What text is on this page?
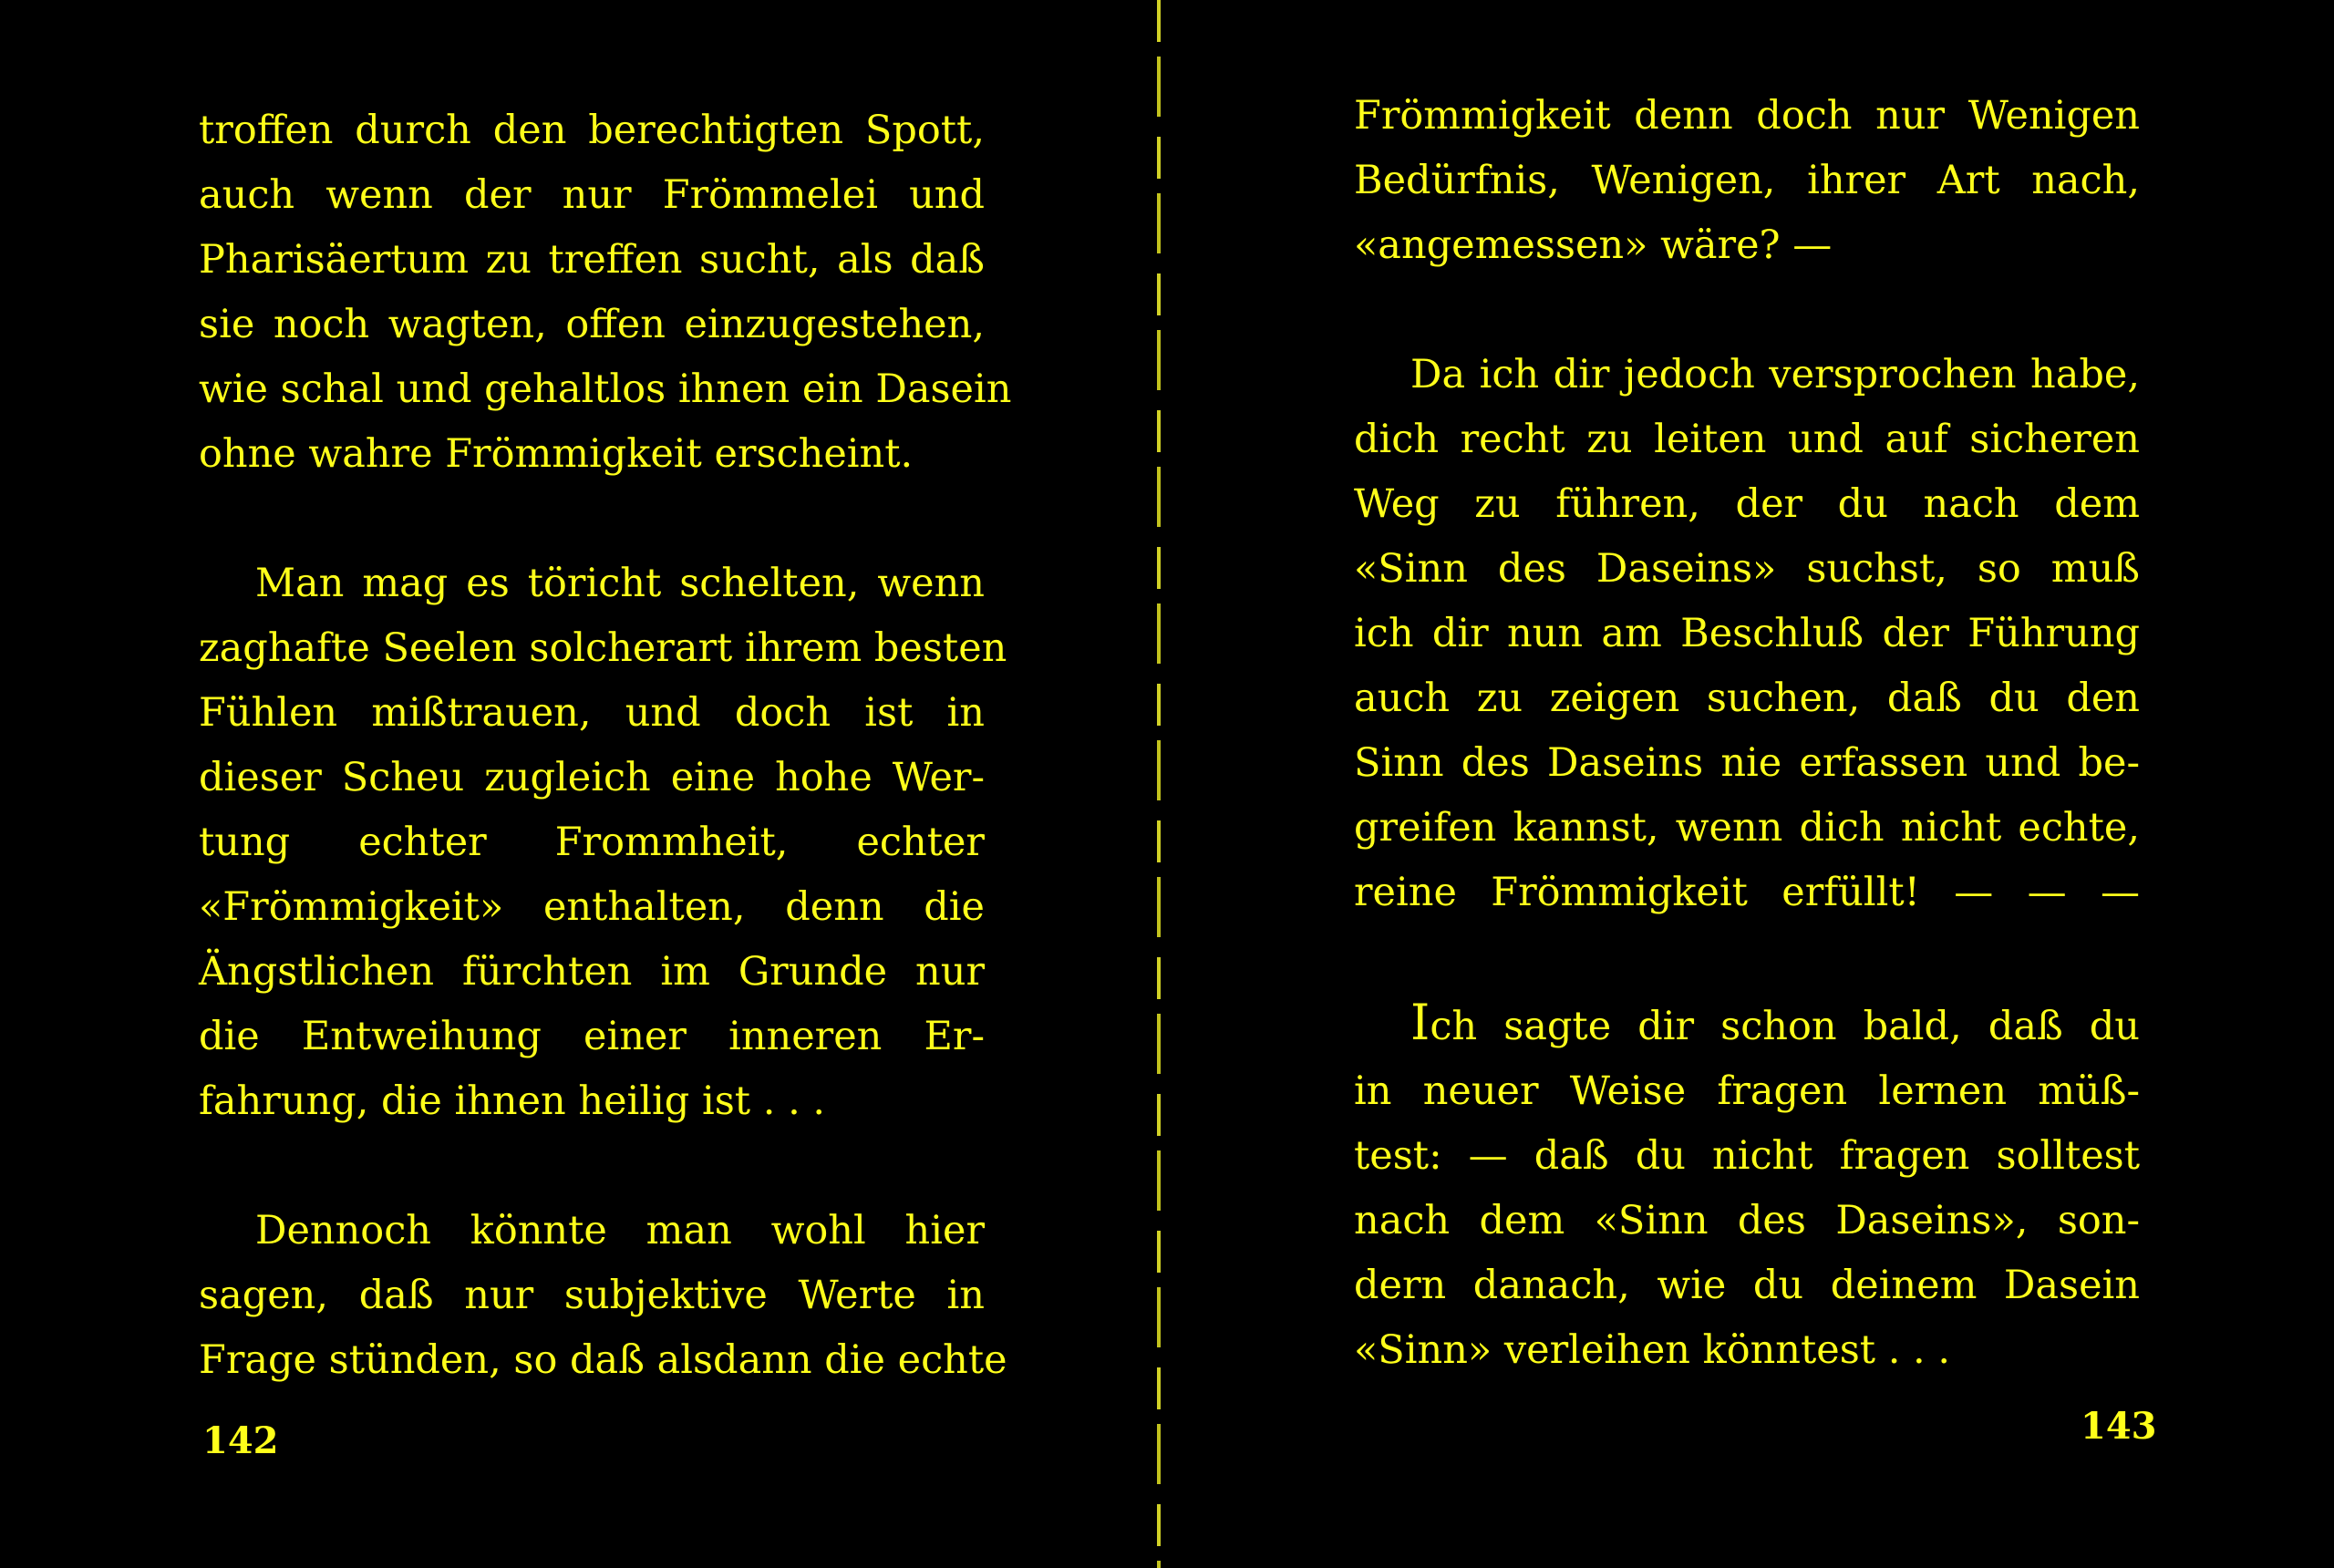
troffen durch den berechtigten Spott,
auch wenn der nur Frömmelei und
Pharisäertum zu treffen sucht, als daß
sie noch wagten, offen einzugestehen,
wie schal und gehaltlos ihnen ein Dasein
ohne wahre Frömmigkeit erscheint.

Man mag es töricht schelten, wenn
zaghafte Seelen solcherart ihrem besten
Fühlen mißtrauen, und doch ist in
dieser Scheu zugleich eine hohe Wer-
tung echter Frommheit, echter
«Frömmigkeit» enthalten, denn die
Ängstlichen fürchten im Grunde nur
die Entweihung einer inneren Er-
fahrung, die ihnen heilig ist . . .

Dennoch könnte man wohl hier
sagen, daß nur subjektive Werte in
Frage stünden, so daß alsdann die echte

142

Frömmigkeit denn doch nur Wenigen
Bedürfnis, Wenigen, ihrer Art nach,
«angemessen» wäre? —

Da ich dir jedoch versprochen habe,
dich recht zu leiten und auf sicheren
Weg zu führen, der du nach dem
«Sinn des Daseins» suchst, so muß
ich dir nun am Beschluß der Führung
auch zu zeigen suchen, daß du den
Sinn des Daseins nie erfassen und be-
greifen kannst, wenn dich nicht echte,
reine Frömmigkeit erfüllt! — — —

Ich sagte dir schon bald, daß du
in neuer Weise fragen lernen müß-
test: — daß du nicht fragen solltest
nach dem «Sinn des Daseins», son-
dern danach, wie du deinem Dasein
«Sinn» verleihen könntest . . .

143
